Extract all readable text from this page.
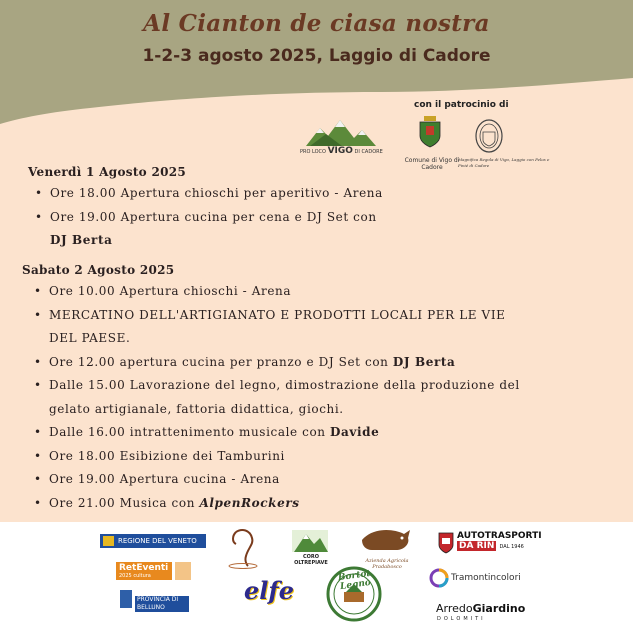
Al Cianton de ciasa nostra
1-2-3 agosto 2025, Laggio di Cadore
con il patrocinio di
PRO LOCO VIGO DI CADORE
Comune di Vigo di Cadore
Magnifica Regola di Vigo, Laggio con Pelos e Pinié di Cadore
Venerdì 1 Agosto 2025
• Ore 18.00 Apertura chioschi per aperitivo - Arena
• Ore 19.00 Apertura cucina per cena e DJ Set con
DJ Berta
Sabato 2 Agosto 2025
• Ore 10.00 Apertura chioschi - Arena
• MERCATINO DELL'ARTIGIANATO E PRODOTTI LOCALI PER LE VIE
DEL PAESE.
• Ore 12.00 apertura cucina per pranzo e DJ Set con DJ Berta
• Dalle 15.00 Lavorazione del legno, dimostrazione della produzione del
gelato artigianale, fattoria didattica, giochi.
• Dalle 16.00 intrattenimento musicale con Davide
• Ore 18.00 Esibizione dei Tamburini
• Ore 19.00 Apertura cucina - Arena
• Ore 21.00 Musica con AlpenRockers
REGIONE DEL VENETO
RetEventi
2025 cultura
PROVINCIA DI BELLUNO
elfe
CORO OLTREPIAVE	Azienda Agricola Pradabosco
Bortot Legno
AUTOTRASPORTI
DA RIN DAL 1946
Tramontincolori
ArredoGiardino
DOLOMITI
